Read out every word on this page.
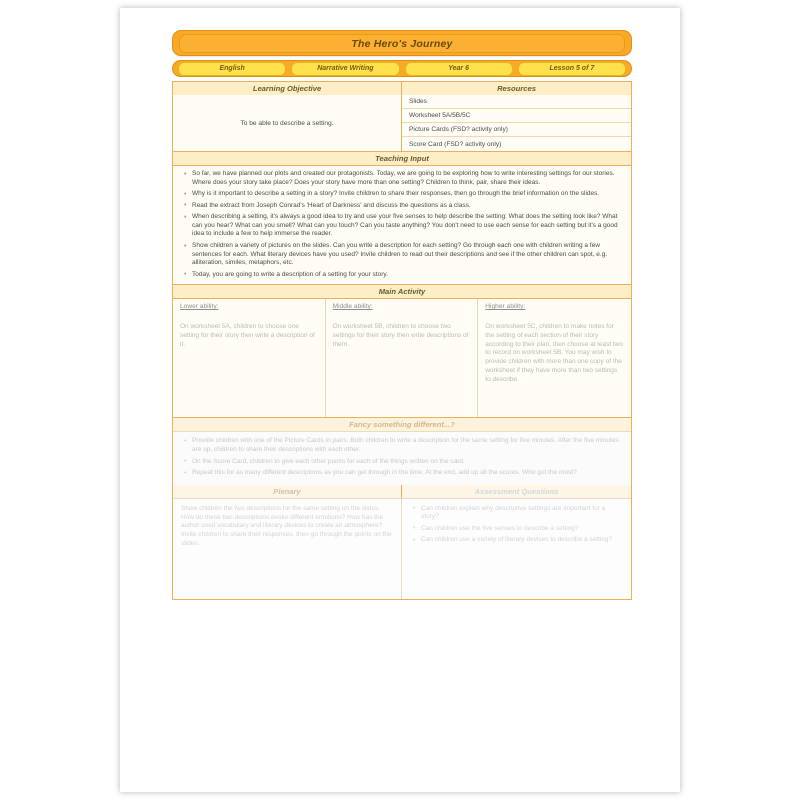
The Hero's Journey
English	Narrative Writing	Year 6	Lesson 5 of 7
Learning Objective	Resources
To be able to describe a setting.
Slides
Worksheet 5A/5B/5C
Picture Cards (FSD? activity only)
Score Card (FSD? activity only)
Teaching Input
• So far, we have planned our plots and created our protagonists. Today, we are going to be exploring how to write interesting settings for our stories. Where does your story take place? Does your story have more than one setting? Children to think, pair, share their ideas.
• Why is it important to describe a setting in a story? Invite children to share their responses, then go through the brief information on the slides.
• Read the extract from Joseph Conrad's 'Heart of Darkness' and discuss the questions as a class.
• When describing a setting, it's always a good idea to try and use your five senses to help describe the setting: What does the setting look like? What can you hear? What can you smell? What can you touch? Can you taste anything? You don't need to use each sense for each setting but it's a good idea to include a few to help immerse the reader.
• Show children a variety of pictures on the slides. Can you write a description for each setting? Go through each one with children writing a few sentences for each. What literary devices have you used? Invite children to read out their descriptions and see if the other children can spot, e.g. alliteration, similes, metaphors, etc.
• Today, you are going to write a description of a setting for your story.
Main Activity
Lower ability:
On worksheet 5A, children to choose one setting for their story then write a description of it.
Middle ability:
On worksheet 5B, children to choose two settings for their story then write descriptions of them.
Higher ability:
On worksheet 5C, children to make notes for the setting of each section of their story according to their plan, then choose at least two to record on worksheet 5B. You may wish to provide children with more than one copy of the worksheet if they have more than two settings to describe.
Fancy something different...?
• Provide children with one of the Picture Cards in pairs. Both children to write a description for the same setting for five minutes. After the five minutes are up, children to share their descriptions with each other.
• On the Score Card, children to give each other points for each of the things written on the card.
• Repeat this for as many different descriptions as you can get through in the time. At the end, add up all the scores. Who got the most?
Plenary	Assessment Questions
Show children the two descriptions for the same setting on the slides. How do these two descriptions evoke different emotions? How has the author used vocabulary and literary devices to create an atmosphere? Invite children to share their responses, then go through the points on the slides.
• Can children explain why descriptive settings are important for a story?
• Can children use the five senses to describe a setting?
• Can children use a variety of literary devices to describe a setting?
